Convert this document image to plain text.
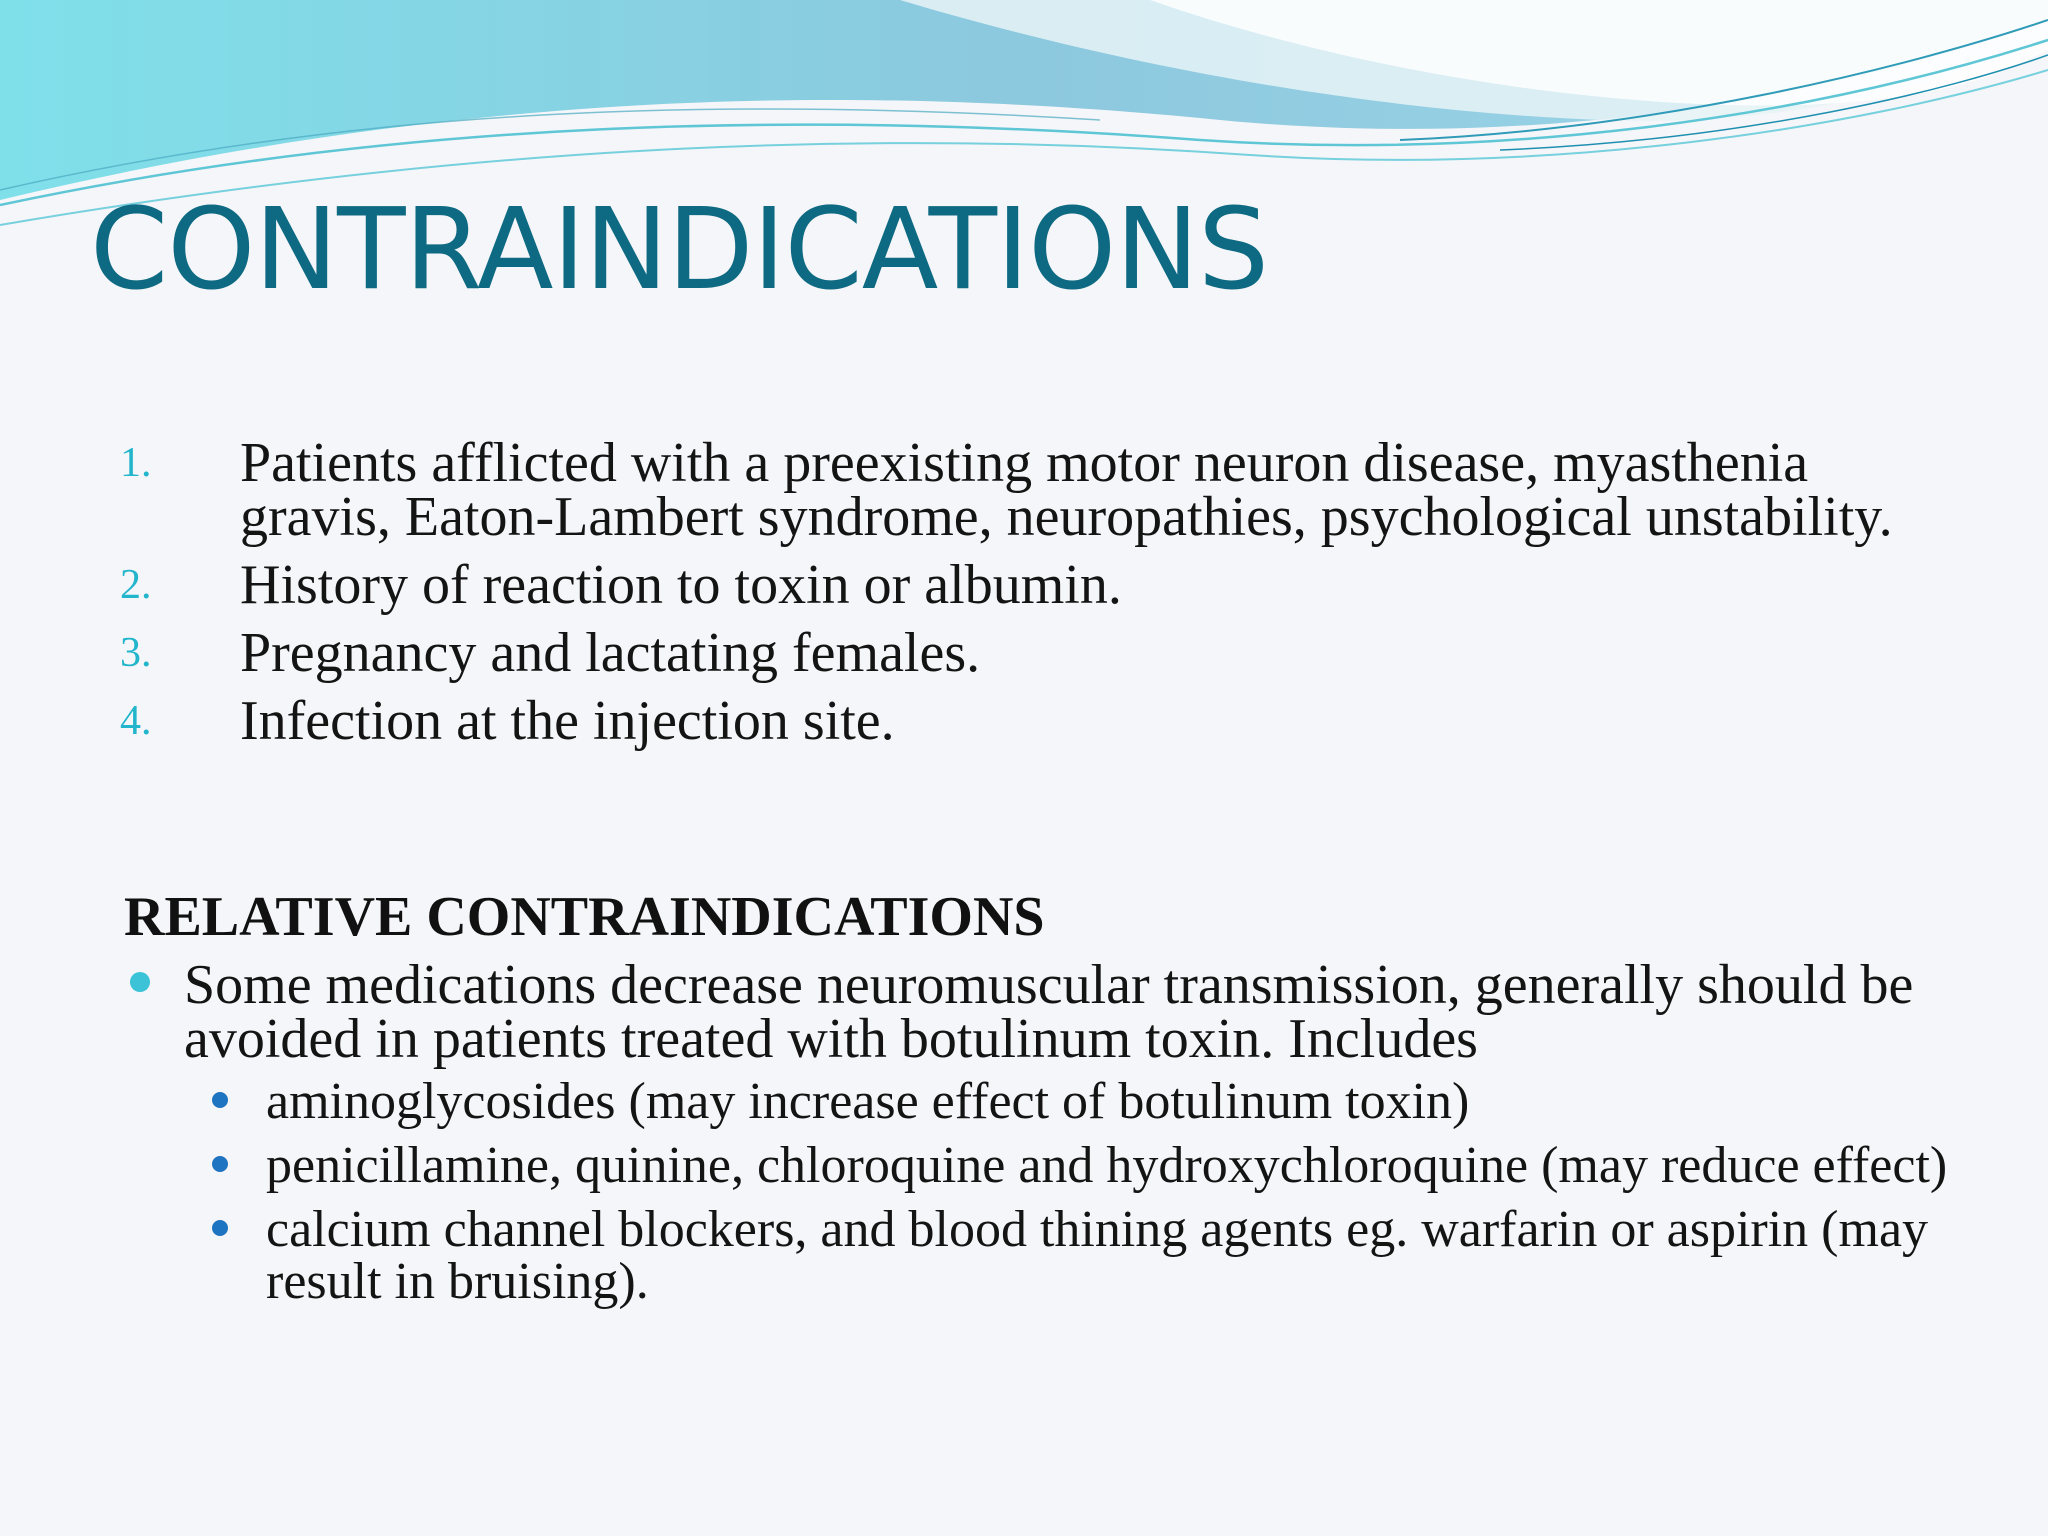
CONTRAINDICATIONS
1. Patients afflicted with a preexisting motor neuron disease, myasthenia gravis, Eaton-Lambert syndrome, neuropathies, psychological unstability.
2. History of reaction to toxin or albumin.
3. Pregnancy and lactating females.
4. Infection at the injection site.
RELATIVE CONTRAINDICATIONS
Some medications decrease neuromuscular transmission, generally should be avoided in patients treated with botulinum toxin. Includes
aminoglycosides (may increase effect of botulinum toxin)
penicillamine, quinine, chloroquine and hydroxychloroquine (may reduce effect)
calcium channel blockers, and blood thining agents eg. warfarin or aspirin (may result in bruising).
